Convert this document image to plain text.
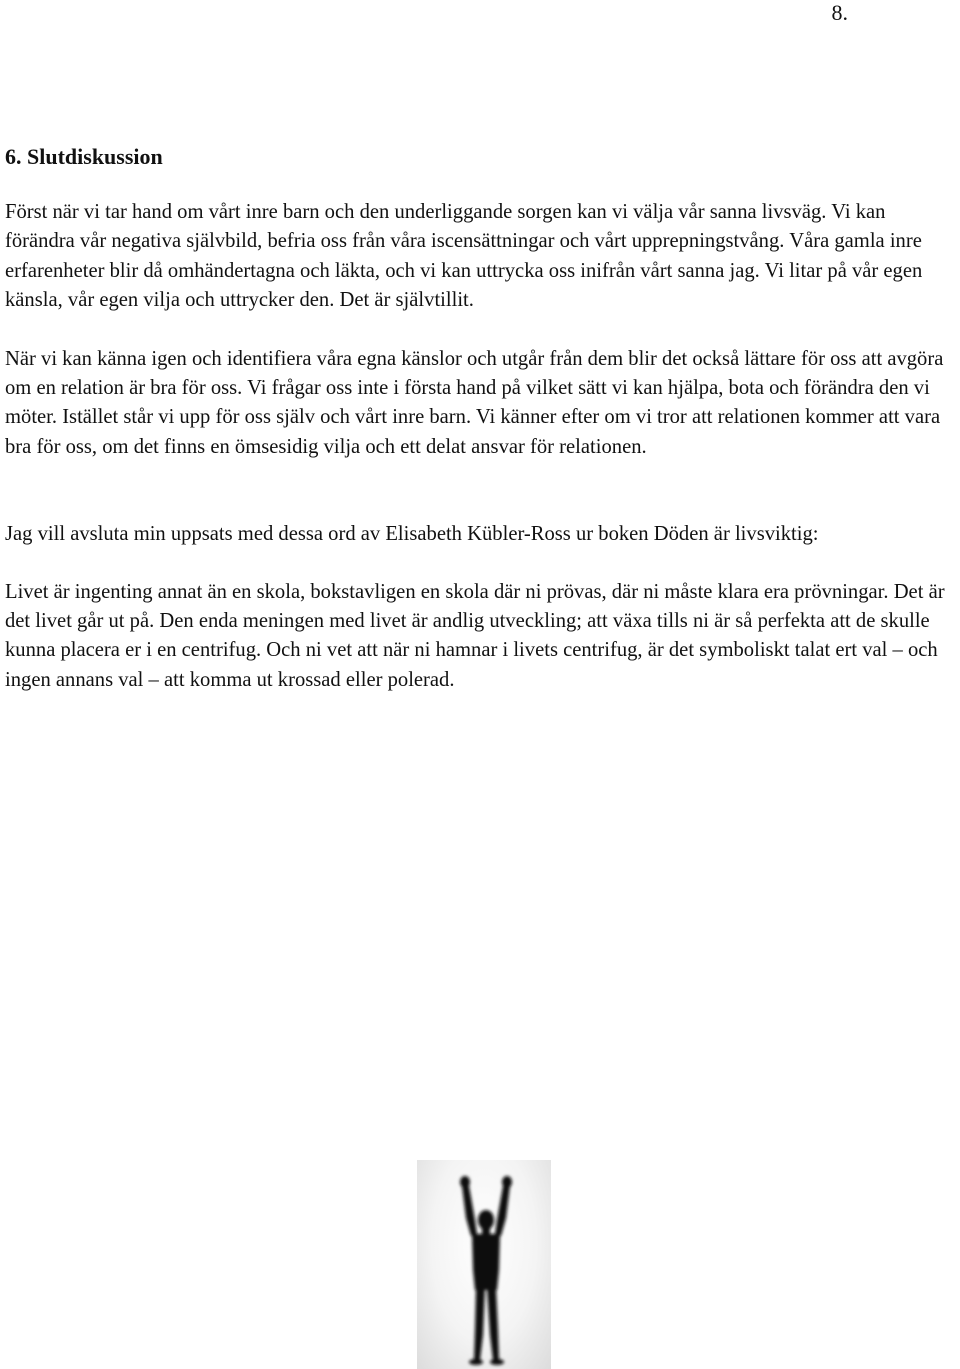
8.
6. Slutdiskussion

Först när vi tar hand om vårt inre barn och den underliggande sorgen kan vi välja vår sanna livsväg. Vi kan förändra vår negativa självbild, befria oss från våra iscensättningar och vårt upprepningstvång. Våra gamla inre erfarenheter blir då omhändertagna och läkta, och vi kan uttrycka oss inifrån vårt sanna jag. Vi litar på vår egen känsla, vår egen vilja och uttrycker den. Det är självtillit.

När vi kan känna igen och identifiera våra egna känslor och utgår från dem blir det också lättare för oss att avgöra om en relation är bra för oss. Vi frågar oss inte i första hand på vilket sätt vi kan hjälpa, bota och förändra den vi möter. Istället står vi upp för oss själv och vårt inre barn. Vi känner efter om vi tror att relationen kommer att vara bra för oss, om det finns en ömsesidig vilja och ett delat ansvar för relationen.

Jag vill avsluta min uppsats med dessa ord av Elisabeth Kübler-Ross ur boken Döden är livsviktig:

Livet är ingenting annat än en skola, bokstavligen en skola där ni prövas, där ni måste klara era prövningar. Det är det livet går ut på. Den enda meningen med livet är andlig utveckling; att växa tills ni är så perfekta att de skulle kunna placera er i en centrifug. Och ni vet att när ni hamnar i livets centrifug, är det symboliskt talat ert val – och ingen annans val – att komma ut krossad eller polerad.
